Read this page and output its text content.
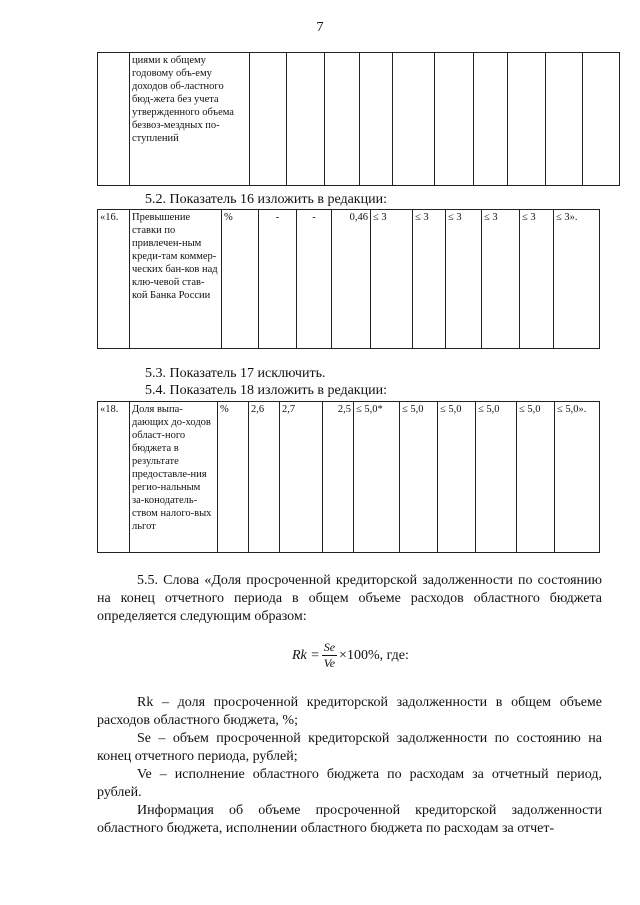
7
	циями к общему годовому объ-ему доходов об-ластного бюд-жета без учета утвержденного объема безвоз-мездных по-ступлений										
5.2. Показатель 16 изложить в редакции:
«16.	Превышение ставки по привлечен-ным креди-там коммер-ческих бан-ков над клю-чевой став-кой Банка России	%	-	-	0,46	≤ 3	≤ 3	≤ 3	≤ 3	≤ 3	≤ 3».
5.3. Показатель 17 исключить.
5.4. Показатель 18 изложить в редакции:
«18.	Доля выпа-дающих до-ходов област-ного бюджета в результате предоставле-ния регио-нальным за-конодатель-ством налого-вых льгот	%	2,6	2,7	2,5	≤ 5,0*	≤ 5,0	≤ 5,0	≤ 5,0	≤ 5,0	≤ 5,0».
5.5. Слова «Доля просроченной кредиторской задолженности по состоянию на конец отчетного периода в общем объеме расходов областного бюджета определяется следующим образом:
$Rk = \frac{Se}{Ve} \times 100\%$ , где:
Rk – доля просроченной кредиторской задолженности в общем объеме расходов областного бюджета, %;
Se – объем просроченной кредиторской задолженности по состоянию на конец отчетного периода, рублей;
Ve – исполнение областного бюджета по расходам за отчетный период, рублей.
Информация об объеме просроченной кредиторской задолженности областного бюджета, исполнении областного бюджета по расходам за отчет-
